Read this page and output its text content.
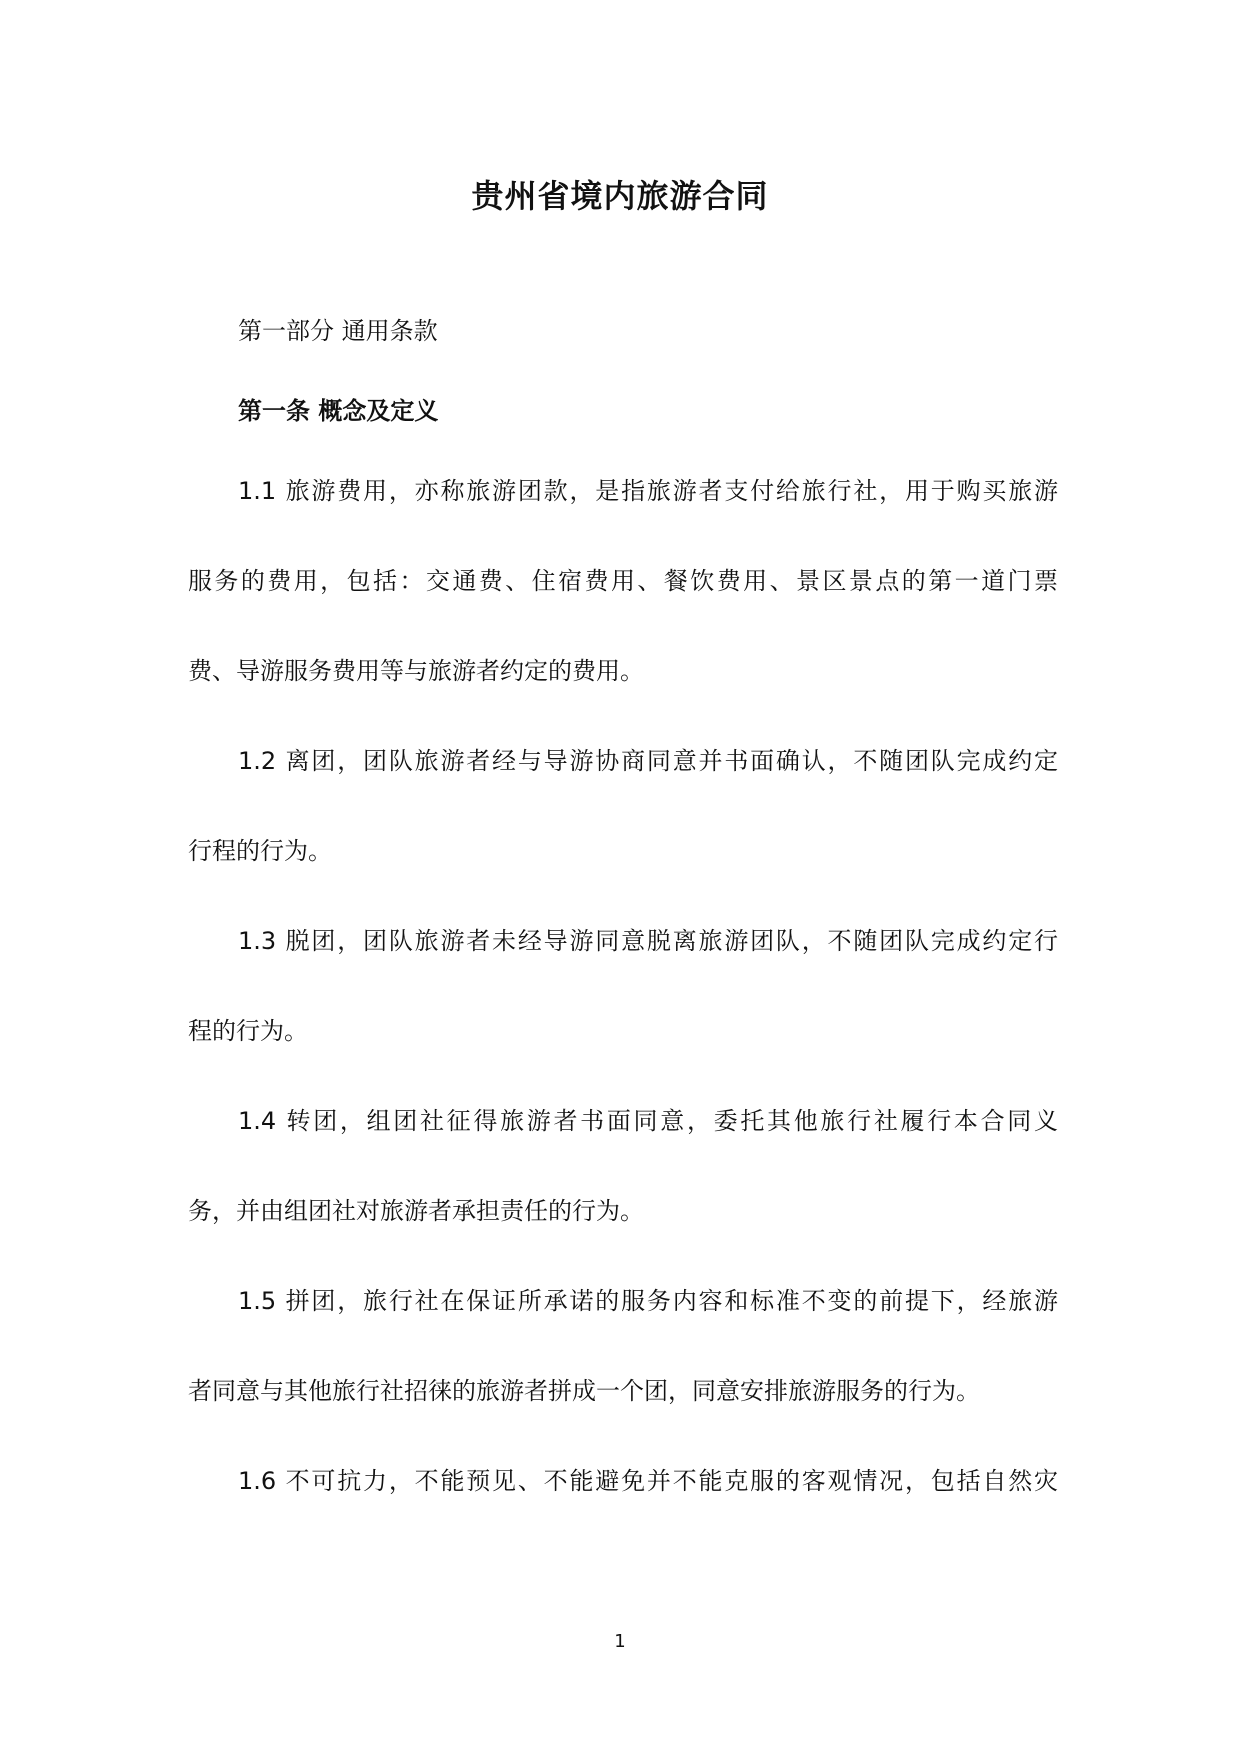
贵州省境内旅游合同
第一部分 通用条款
第一条 概念及定义
1.1 旅游费用，亦称旅游团款，是指旅游者支付给旅行社，用于购买旅游
服务的费用，包括：交通费、住宿费用、餐饮费用、景区景点的第一道门票
费、导游服务费用等与旅游者约定的费用。
1.2 离团，团队旅游者经与导游协商同意并书面确认，不随团队完成约定
行程的行为。
1.3 脱团，团队旅游者未经导游同意脱离旅游团队，不随团队完成约定行
程的行为。
1.4 转团，组团社征得旅游者书面同意，委托其他旅行社履行本合同义
务，并由组团社对旅游者承担责任的行为。
1.5 拼团，旅行社在保证所承诺的服务内容和标准不变的前提下，经旅游
者同意与其他旅行社招徕的旅游者拼成一个团，同意安排旅游服务的行为。
1.6 不可抗力，不能预见、不能避免并不能克服的客观情况，包括自然灾
1
